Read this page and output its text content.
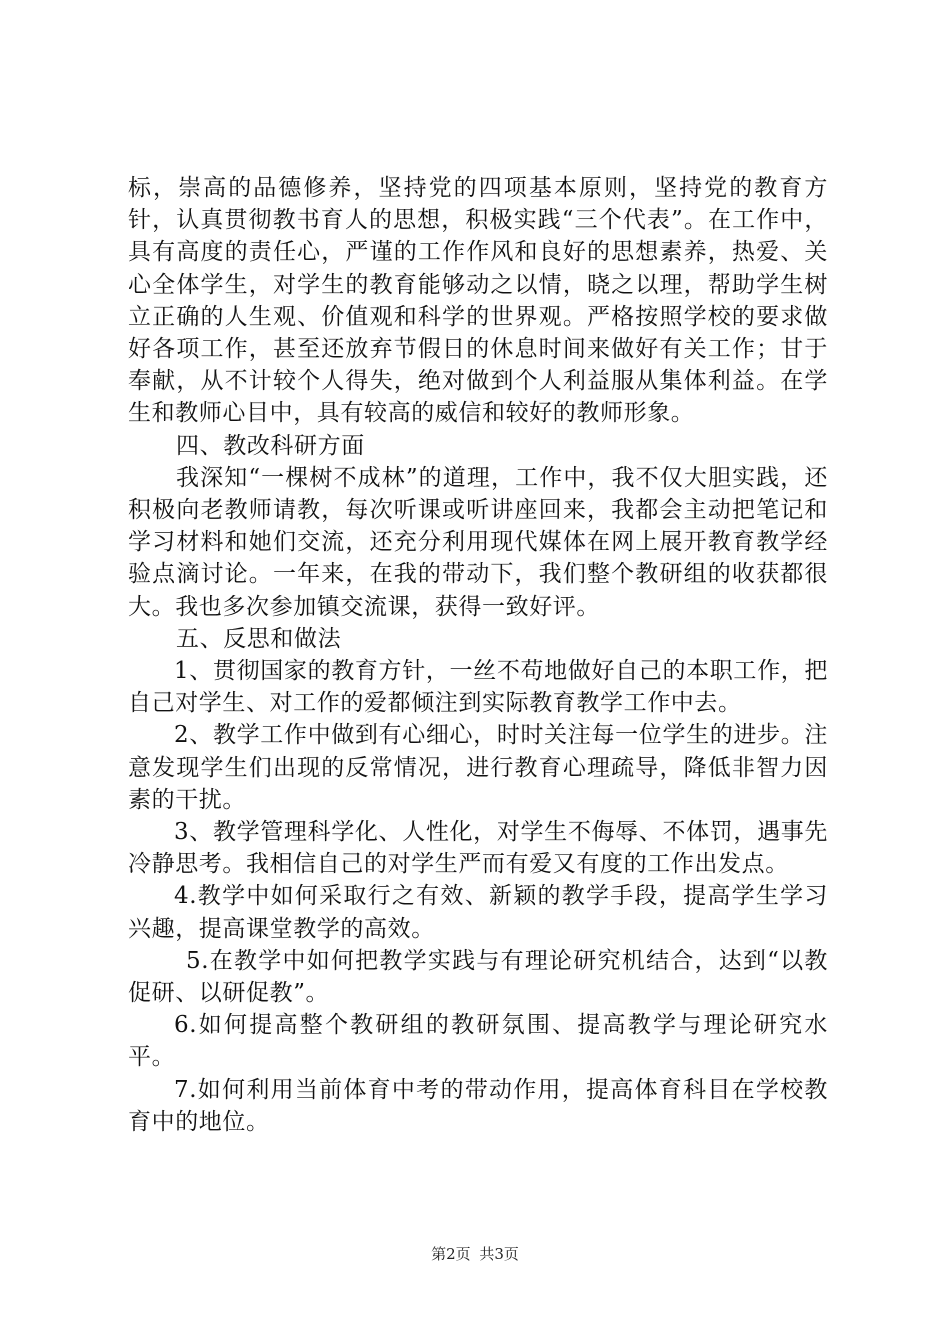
标，崇高的品德修养，坚持党的四项基本原则，坚持党的教育方针，认真贯彻教书育人的思想，积极实践“三个代表”。在工作中，具有高度的责任心，严谨的工作作风和良好的思想素养，热爱、关心全体学生，对学生的教育能够动之以情，晓之以理，帮助学生树立正确的人生观、价值观和科学的世界观。严格按照学校的要求做好各项工作，甚至还放弃节假日的休息时间来做好有关工作；甘于奉献，从不计较个人得失，绝对做到个人利益服从集体利益。在学生和教师心目中，具有较高的威信和较好的教师形象。

四、教改科研方面

我深知“一棵树不成林”的道理，工作中，我不仅大胆实践，还积极向老教师请教，每次听课或听讲座回来，我都会主动把笔记和学习材料和她们交流，还充分利用现代媒体在网上展开教育教学经验点滴讨论。一年来，在我的带动下，我们整个教研组的收获都很大。我也多次参加镇交流课，获得一致好评。

五、反思和做法

1、贯彻国家的教育方针，一丝不苟地做好自己的本职工作，把自己对学生、对工作的爱都倾注到实际教育教学工作中去。

2、教学工作中做到有心细心，时时关注每一位学生的进步。注意发现学生们出现的反常情况，进行教育心理疏导，降低非智力因素的干扰。

3、教学管理科学化、人性化，对学生不侮辱、不体罚，遇事先冷静思考。我相信自己的对学生严而有爱又有度的工作出发点。

4.教学中如何采取行之有效、新颖的教学手段，提高学生学习兴趣，提高课堂教学的高效。

5.在教学中如何把教学实践与有理论研究机结合，达到“以教促研、以研促教”。

6.如何提高整个教研组的教研氛围、提高教学与理论研究水平。

7.如何利用当前体育中考的带动作用，提高体育科目在学校教育中的地位。

第2页 共3页
